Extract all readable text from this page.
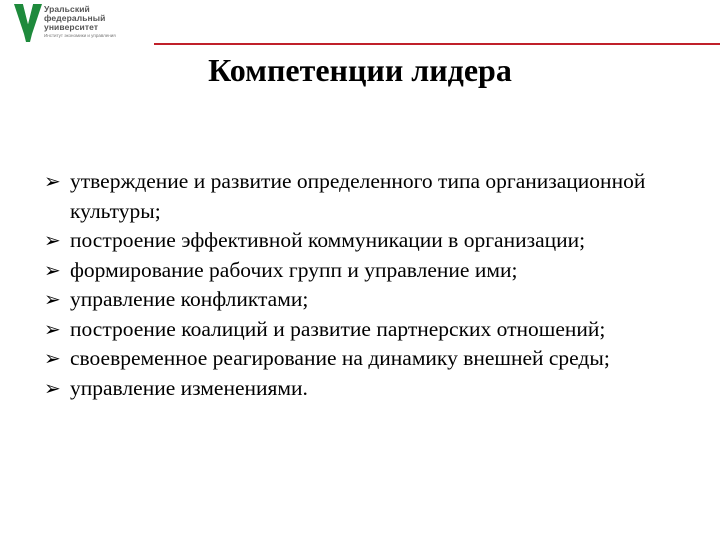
Уральский
федеральный
университет
Институт экономики и управления
Компетенции лидера
➢ утверждение и развитие определенного типа организационной культуры;
➢ построение эффективной коммуникации в организации;
➢ формирование рабочих групп и управление ими;
➢ управление конфликтами;
➢ построение коалиций и развитие партнерских отношений;
➢ своевременное реагирование на динамику внешней среды;
➢ управление изменениями.
